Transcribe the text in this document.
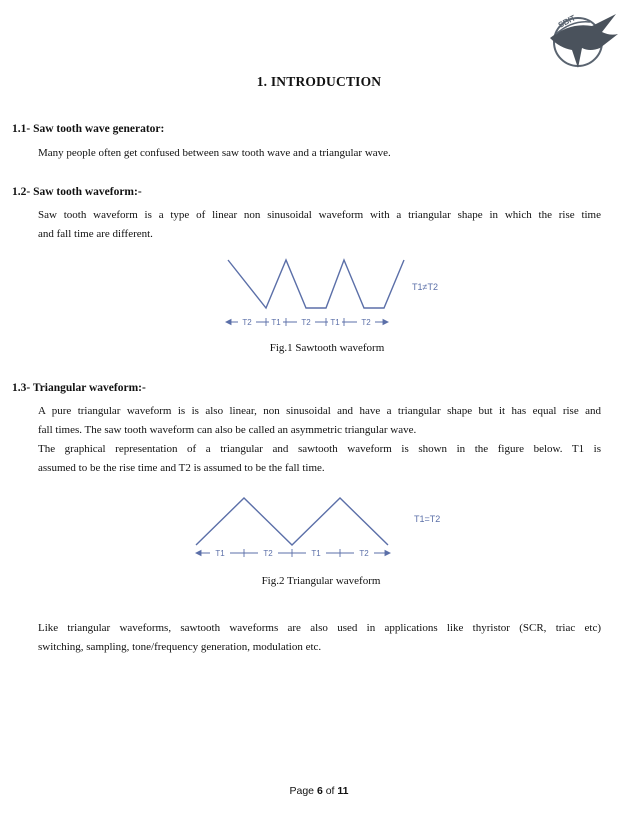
SBIT
1. INTRODUCTION
1.1- Saw tooth wave generator:
Many people often get confused between saw tooth wave and a triangular wave.
1.2- Saw tooth waveform:-
Saw tooth waveform is a type of linear non sinusoidal waveform with a triangular shape in which the rise time
and fall time are different.
T1≠T2
T2 T1	T2 T1	T2
Fig.1 Sawtooth waveform
1.3- Triangular waveform:-
A pure triangular waveform is is also linear, non sinusoidal and have a triangular shape but it has equal rise and
fall times. The saw tooth waveform can also be called an asymmetric triangular wave.
The graphical representation of a triangular and sawtooth waveform is shown in the figure below. T1 is
assumed to be the rise time and T2 is assumed to be the fall time.
T1=T2
T1	T2	T1	T2
Fig.2 Triangular waveform
Like triangular waveforms, sawtooth waveforms are also used in applications like thyristor (SCR, triac etc)
switching, sampling, tone/frequency generation, modulation etc.
Page 6 of 11
